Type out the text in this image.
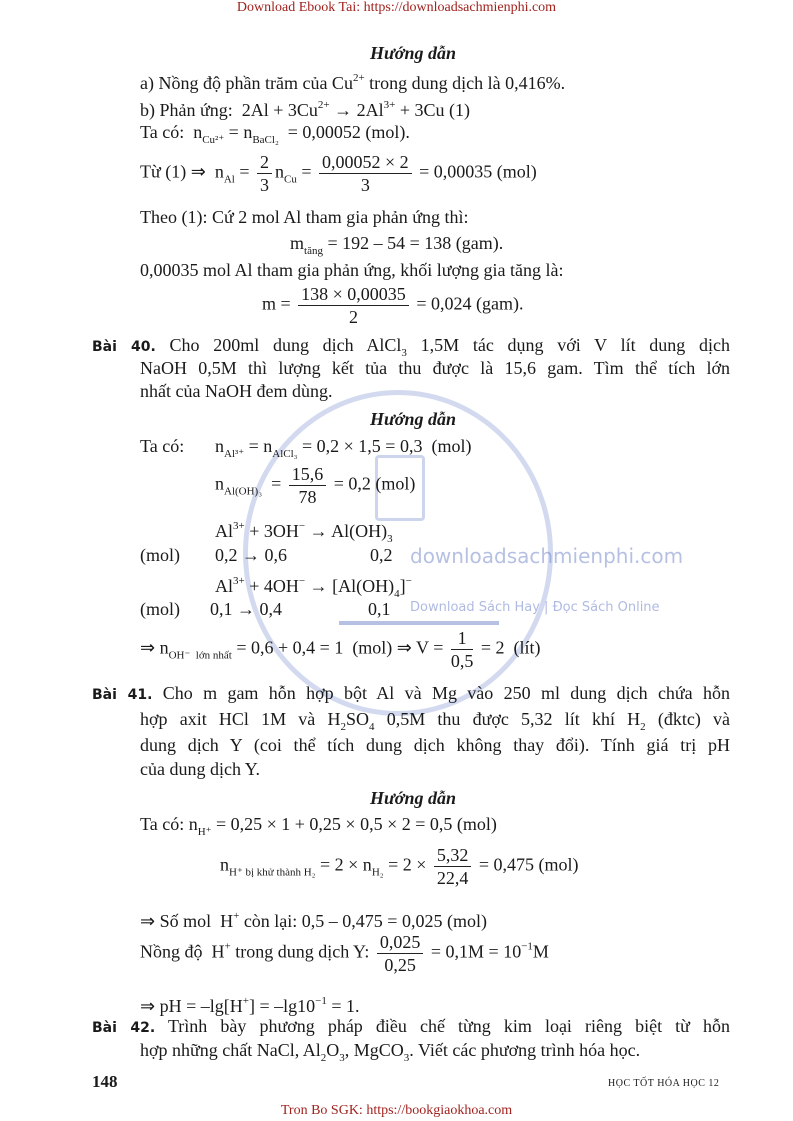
Download Ebook Tai: https://downloadsachmienphi.com
downloadsachmienphi.com
Download Sách Hay | Đọc Sách Online
Hướng dẫn
a) Nồng độ phần trăm của $Cu^{2+}$ trong dung dịch là 0,416%.
b) Phản ứng:  $2Al + 3Cu^{2+} \to 2Al^{3+} + 3Cu$ (1)
Ta có:  $n_{Cu^{2+}} = n_{BaCl_2} = 0,00052$ (mol).
Từ (1) ⇒  $n_{Al} = \frac{2}{3} n_{Cu} = \frac{0,00052 \times 2}{3} = 0,00035$ (mol)
Theo (1): Cứ 2 mol Al tham gia phản ứng thì:
$m_{tăng} = 192 - 54 = 138$ (gam).
0,00035 mol Al tham gia phản ứng, khối lượng gia tăng là:
$m = \frac{138 \times 0,00035}{2} = 0,024$ (gam).
Bài 40. Cho 200ml dung dịch AlCl$_3$ 1,5M tác dụng với V lít dung dịch
NaOH 0,5M thì lượng kết tủa thu được là 15,6 gam. Tìm thể tích lớn
nhất của NaOH đem dùng.
Hướng dẫn
Ta có: $n_{Al^{3+}} = n_{AlCl_3} = 0,2 \times 1,5 = 0,3$  (mol)
$n_{Al(OH)_3} = \frac{15,6}{78} = 0,2$ (mol)
$Al^{3+} + 3OH^- \to Al(OH)_3$
(mol) 0,2 → 0,6	0,2
$Al^{3+} + 4OH^- \to [Al(OH)_4]^-$
(mol) 0,1 → 0,4	0,1
⇒ $n_{OH^- lớn nhất} = 0,6 + 0,4 = 1$  (mol) ⇒ $V = \frac{1}{0,5} = 2$  (lít)
Bài 41. Cho m gam hỗn hợp bột Al và Mg vào 250 ml dung dịch chứa hỗn
hợp axit HCl 1M và $H_2SO_4$ 0,5M thu được 5,32 lít khí $H_2$ (đktc) và
dung dịch Y (coi thể tích dung dịch không thay đổi). Tính giá trị pH
của dung dịch Y.
Hướng dẫn
Ta có: $n_{H^+} = 0,25 \times 1 + 0,25 \times 0,5 \times 2 = 0,5$ (mol)
$n_{H^+ bị khử thành H_2} = 2 \times n_{H_2} = 2 \times \frac{5,32}{22,4} = 0,475$ (mol)
⇒ Số mol  H+ còn lại: 0,5 – 0,475 = 0,025 (mol)
Nồng độ  H+ trong dung dịch Y: $\frac{0,025}{0,25} = 0,1M = 10^{-1}M$
⇒ pH = $-\lg[H^+] = -\lg 10^{-1} = 1$.
Bài 42. Trình bày phương pháp điều chế từng kim loại riêng biệt từ hỗn
hợp những chất NaCl, $Al_2O_3$, MgCO$_3$. Viết các phương trình hóa học.
148	HỌC TỐT HÓA HỌC 12
Tron Bo SGK: https://bookgiaokhoa.com
